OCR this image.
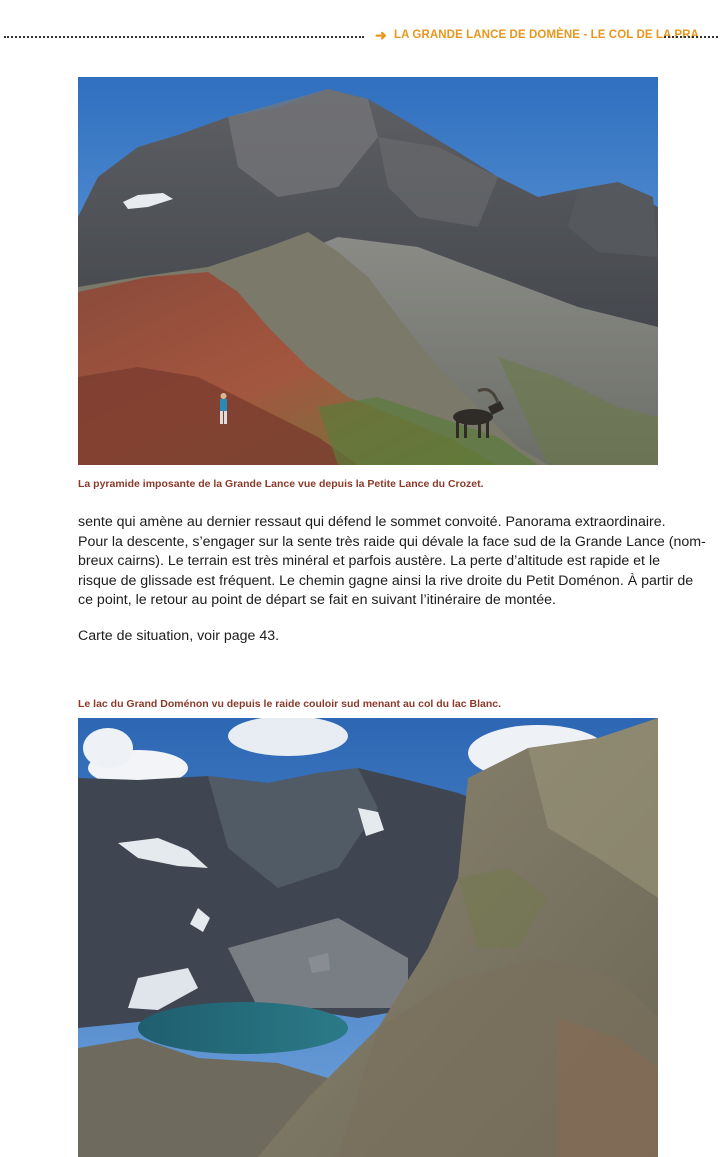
➜ LA GRANDE LANCE DE DOMÈNE - LE COL DE LA PRA
La pyramide imposante de la Grande Lance vue depuis la Petite Lance du Crozet.
sente qui amène au dernier ressaut qui défend le sommet convoité. Panorama extraordinaire.
Pour la descente, s’engager sur la sente très raide qui dévale la face sud de la Grande Lance (nom-
breux cairns). Le terrain est très minéral et parfois austère. La perte d’altitude est rapide et le
risque de glissade est fréquent. Le chemin gagne ainsi la rive droite du Petit Doménon. À partir de
ce point, le retour au point de départ se fait en suivant l’itinéraire de montée.
Carte de situation, voir page 43.
Le lac du Grand Doménon vu depuis le raide couloir sud menant au col du lac Blanc.
